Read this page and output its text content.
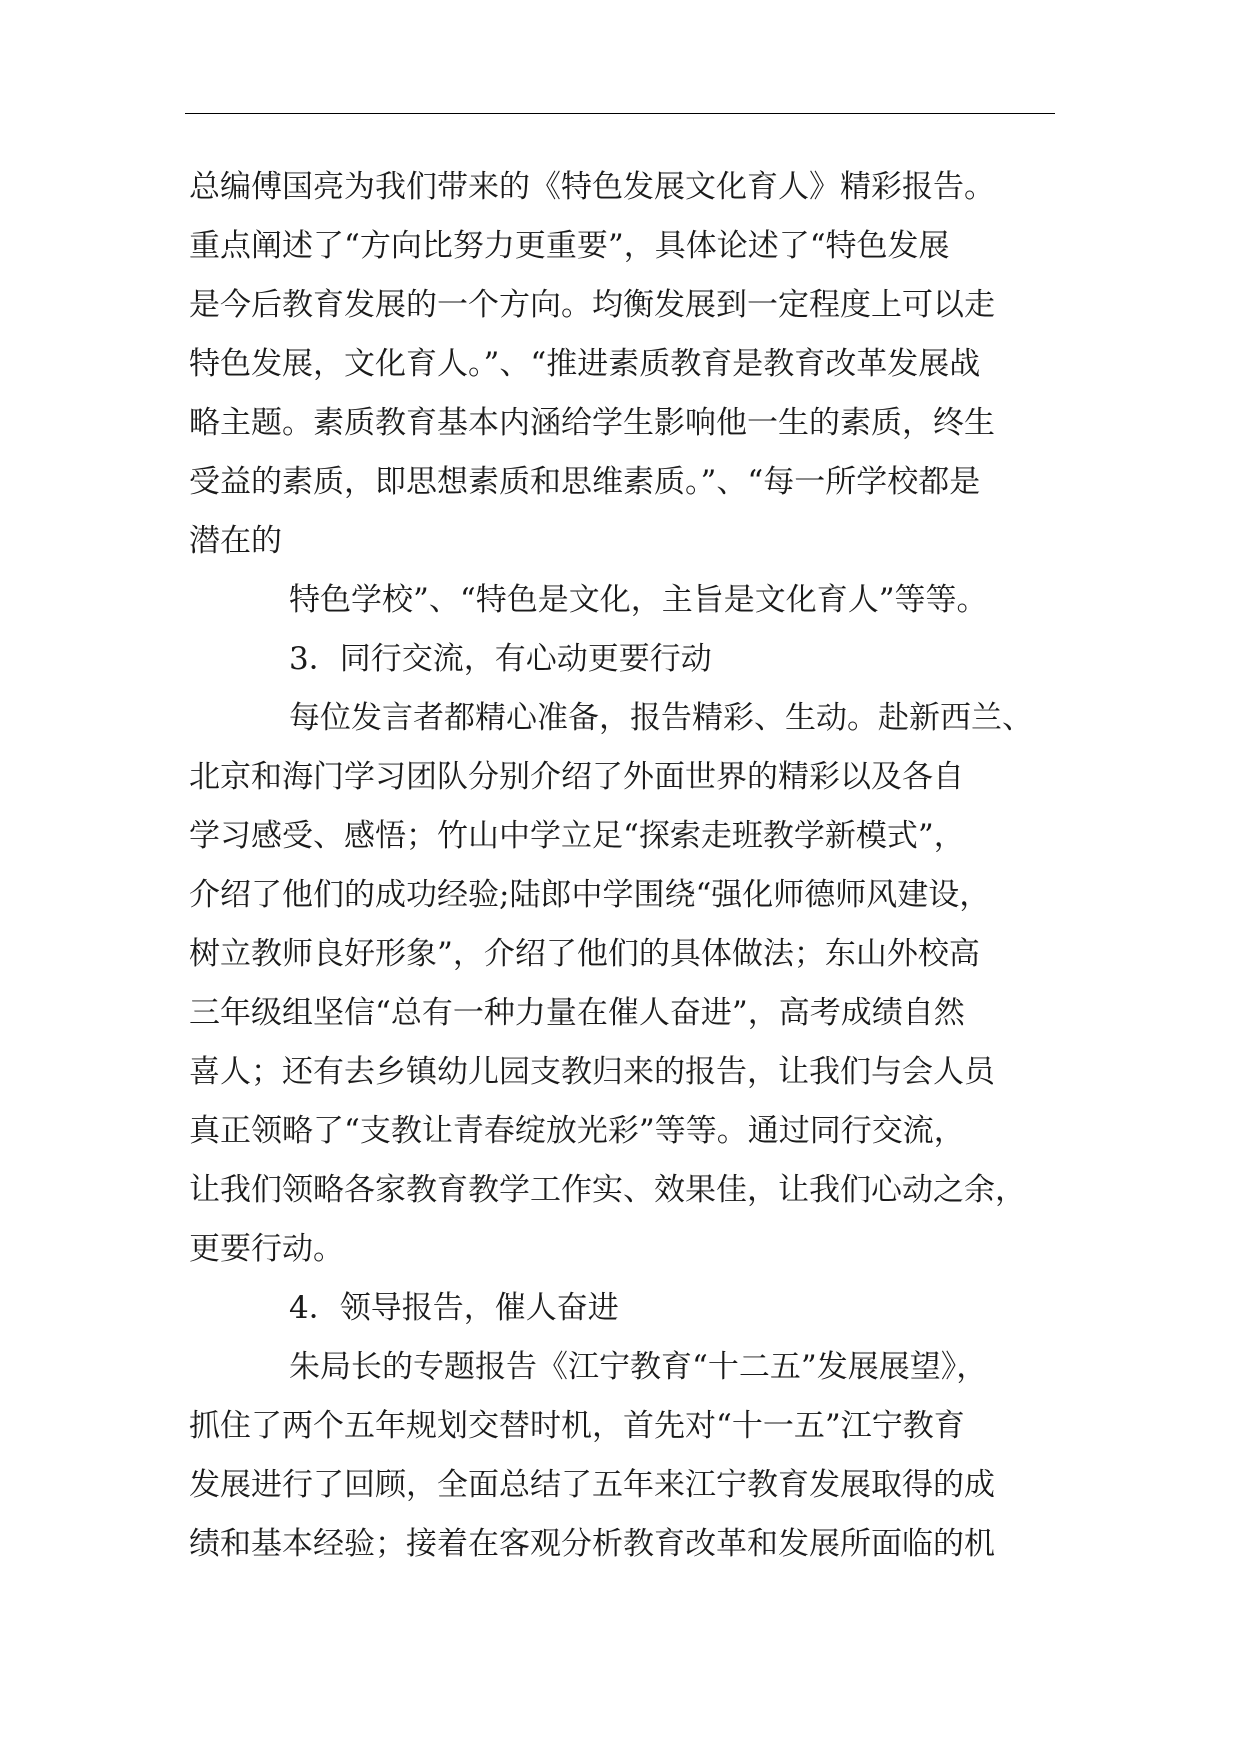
总编傅国亮为我们带来的《特色发展文化育人》精彩报告。
重点阐述了“方向比努力更重要”，具体论述了“特色发展
是今后教育发展的一个方向。均衡发展到一定程度上可以走
特色发展，文化育人。”、“推进素质教育是教育改革发展战
略主题。素质教育基本内涵给学生影响他一生的素质，终生
受益的素质，即思想素质和思维素质。”、“每一所学校都是
潜在的
特色学校”、“特色是文化，主旨是文化育人”等等。
3．同行交流，有心动更要行动
每位发言者都精心准备，报告精彩、生动。赴新西兰、
北京和海门学习团队分别介绍了外面世界的精彩以及各自
学习感受、感悟；竹山中学立足“探索走班教学新模式”，
介绍了他们的成功经验;陆郎中学围绕“强化师德师风建设，
树立教师良好形象”，介绍了他们的具体做法；东山外校高
三年级组坚信“总有一种力量在催人奋进”，高考成绩自然
喜人；还有去乡镇幼儿园支教归来的报告，让我们与会人员
真正领略了“支教让青春绽放光彩”等等。通过同行交流，
让我们领略各家教育教学工作实、效果佳，让我们心动之余，
更要行动。
4．领导报告，催人奋进
朱局长的专题报告《江宁教育“十二五”发展展望》，
抓住了两个五年规划交替时机，首先对“十一五”江宁教育
发展进行了回顾，全面总结了五年来江宁教育发展取得的成
绩和基本经验；接着在客观分析教育改革和发展所面临的机
